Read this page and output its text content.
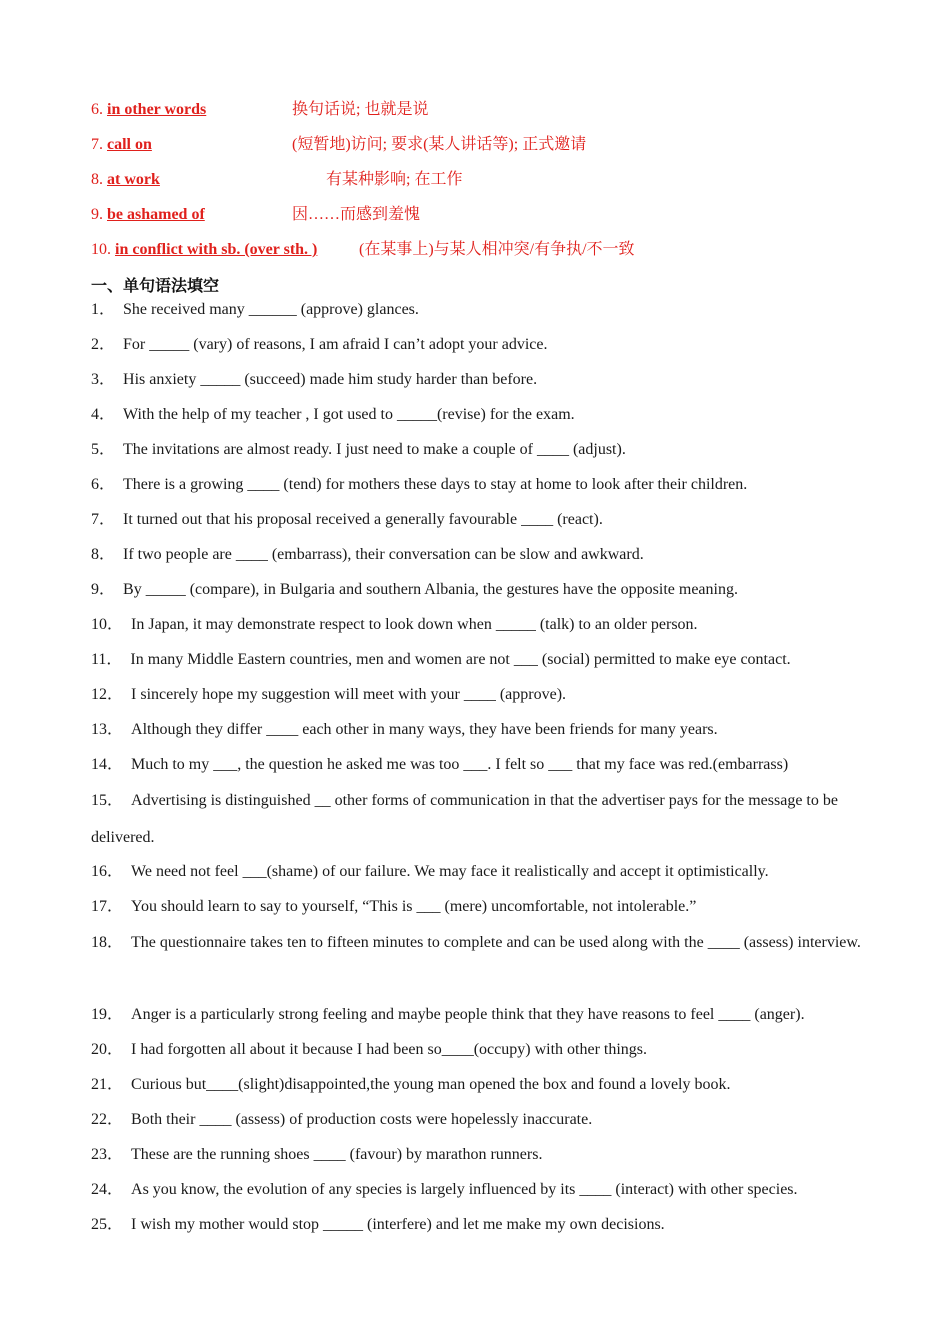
6. in other words	换句话说; 也就是说
7. call on	(短暂地)访问; 要求(某人讲话等); 正式邀请
8. at work	有某种影响; 在工作
9. be ashamed of	因……而感到羞愧
10. in conflict with sb. (over sth. )	(在某事上)与某人相冲突/有争执/不一致
一、单句语法填空
1． She received many ______ (approve) glances.
2． For _____ (vary) of reasons, I am afraid I can’t adopt your advice.
3． His anxiety _____ (succeed) made him study harder than before.
4． With the help of my teacher , I got used to _____(revise) for the exam.
5． The invitations are almost ready. I just need to make a couple of ____ (adjust).
6． There is a growing ____ (tend) for mothers these days to stay at home to look after their children.
7． It turned out that his proposal received a generally favourable ____ (react).
8． If two people are ____ (embarrass), their conversation can be slow and awkward.
9． By _____ (compare), in Bulgaria and southern Albania, the gestures have the opposite meaning.
10． In Japan, it may demonstrate respect to look down when _____ (talk) to an older person.
11． In many Middle Eastern countries, men and women are not ___ (social) permitted to make eye contact.
12． I sincerely hope my suggestion will meet with your ____ (approve).
13． Although they differ ____ each other in many ways, they have been friends for many years.
14． Much to my ___, the question he asked me was too ___. I felt so ___ that my face was red.(embarrass)
15． Advertising is distinguished __ other forms of communication in that the advertiser pays for the message to be delivered.
16． We need not feel ___(shame) of our failure. We may face it realistically and accept it optimistically.
17． You should learn to say to yourself, “This is ___ (mere) uncomfortable, not intolerable.”
18． The questionnaire takes ten to fifteen minutes to complete and can be used along with the ____ (assess) interview.
19． Anger is a particularly strong feeling and maybe people think that they have reasons to feel ____ (anger).
20． I had forgotten all about it because I had been so____(occupy) with other things.
21． Curious but____(slight)disappointed,the young man opened the box and found a lovely book.
22． Both their ____ (assess) of production costs were hopelessly inaccurate.
23． These are the running shoes ____ (favour) by marathon runners.
24． As you know, the evolution of any species is largely influenced by its ____ (interact) with other species.
25． I wish my mother would stop _____ (interfere) and let me make my own decisions.
